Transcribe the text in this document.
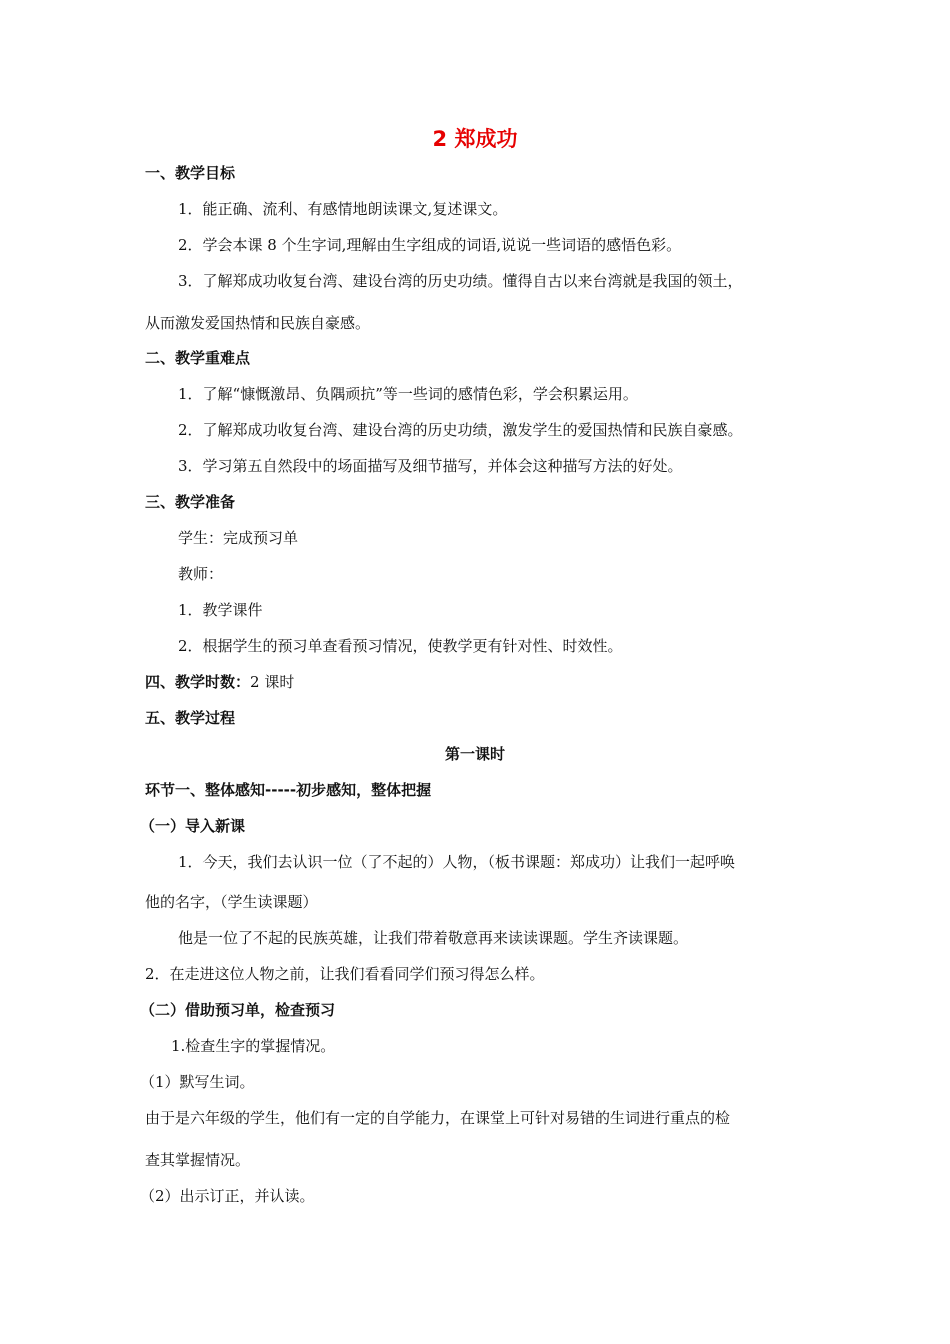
2 郑成功
一、教学目标
1．能正确、流利、有感情地朗读课文,复述课文。
2．学会本课 8 个生字词,理解由生字组成的词语,说说一些词语的感悟色彩。
3．了解郑成功收复台湾、建设台湾的历史功绩。懂得自古以来台湾就是我国的领土，
从而激发爱国热情和民族自豪感。
二、教学重难点
1．了解“慷慨激昂、负隅顽抗”等一些词的感情色彩，学会积累运用。
2．了解郑成功收复台湾、建设台湾的历史功绩，激发学生的爱国热情和民族自豪感。
3．学习第五自然段中的场面描写及细节描写，并体会这种描写方法的好处。
三、教学准备
学生：完成预习单
教师：
1．教学课件
2．根据学生的预习单查看预习情况，使教学更有针对性、时效性。
四、教学时数：2 课时
五、教学过程
第一课时
环节一、整体感知-----初步感知，整体把握
（一）导入新课
1．今天，我们去认识一位（了不起的）人物，（板书课题：郑成功）让我们一起呼唤
他的名字，（学生读课题）
他是一位了不起的民族英雄，让我们带着敬意再来读读课题。学生齐读课题。
2．在走进这位人物之前，让我们看看同学们预习得怎么样。
（二）借助预习单，检查预习
1.检查生字的掌握情况。
（1）默写生词。
由于是六年级的学生，他们有一定的自学能力，在课堂上可针对易错的生词进行重点的检
查其掌握情况。
（2）出示订正，并认读。
